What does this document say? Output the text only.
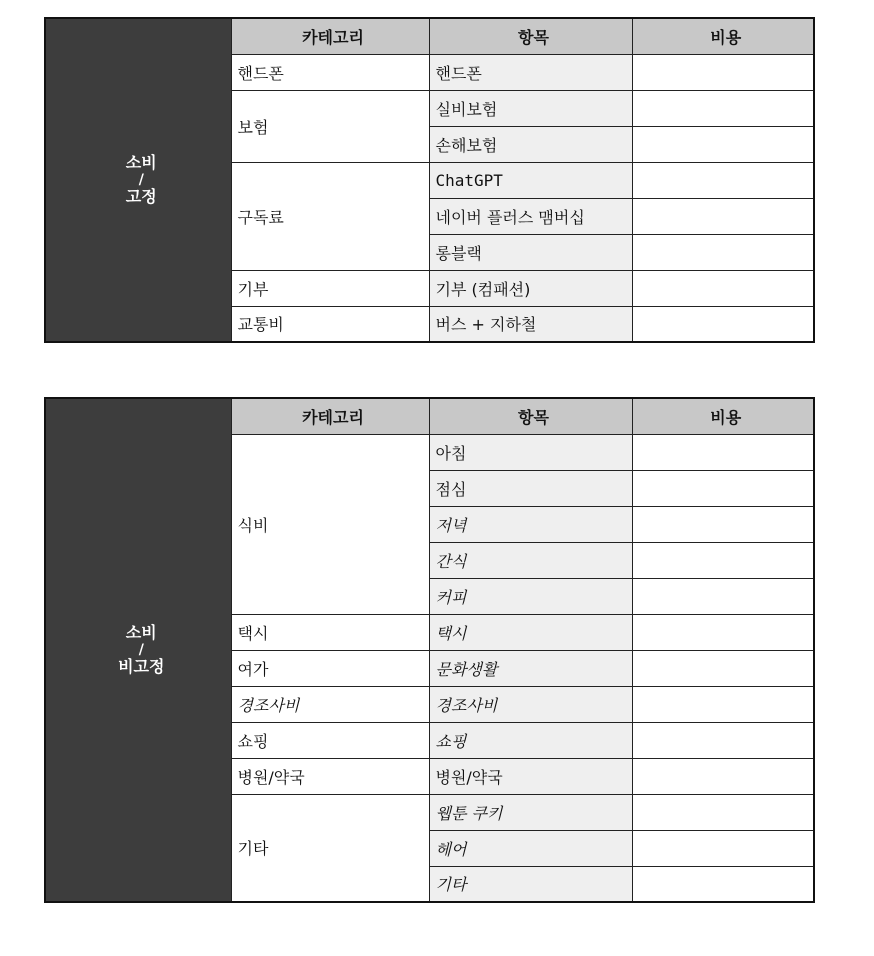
소비
/
고정	카테고리	항목	비용
	핸드폰	핸드폰	
	보험	실비보험	
		손해보험	
	구독료	ChatGPT	
		네이버 플러스 맴버십	
		롱블랙	
	기부	기부 (컴패션)	
	교통비	버스 + 지하철	
소비
/
비고정	카테고리	항목	비용
	식비	아침	
		점심	
		저녁	
		간식	
		커피	
	택시	택시	
	여가	문화생활	
	경조사비	경조사비	
	쇼핑	쇼핑	
	병원/약국	병원/약국	
	기타	웹툰 쿠키	
		헤어	
		기타	
